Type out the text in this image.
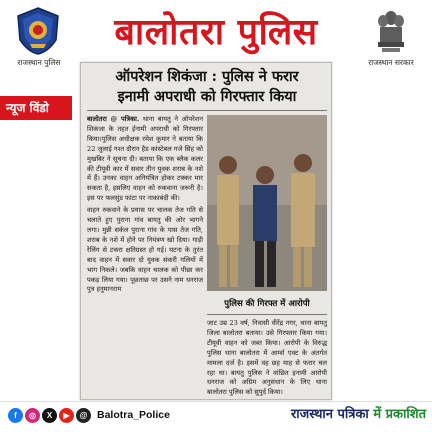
राजस्थान पुलिस
बालोतरा पुलिस
राजस्थान सरकार
न्यूज विंडो
ऑपरेशन शिकंजा : पुलिस ने फरार
इनामी अपराधी को गिरफ्तार किया
बालोतरा @ पत्रिका. थाना बायतु ने ऑपरेशन शिकंजा के तहत ईनामी अपराधी को गिरफ्तार किया।पुलिस अधीक्षक रमेश कुमार ने बताया कि 22 जुलाई गश्त दौरान हैड कांस्टेबल गजे सिंह को मुखबिर ने सूचना दी। बताया कि एक ब्लैक कलर की टीयूवी कार में सवार तीन युवक शराब के नशे में हैं। उनका वाहन अनियंत्रित होकर टक्कर मार सकता है, इसलिए वाहन को रुकवाना जरूरी है। इस पर फलसुंड फांटा पर नाकाबंदी की।
वाहन रुकवाने के प्रयास पर चालक तेज गति से चलाते हुए पुराना गांव बायतु की ओर भागने लगा। मुन्नी सर्कल पुराना गांव के पास तेज गति, शराब के नशे में होने पर नियंत्रण खो दिया। गाड़ी रेलिंग से टकरा क्षतिग्रस्त हो गई। घटना के तुरंत बाद वाहन में सवार दो युवक संकरी गलियों में भाग निकले। जबकि वाहन चालक को पीछा कर पकड़ लिया गया। पूछताछ पर उसने नाम धनराज पुत्र हनुमानराम
पुलिस की गिरफ्त में आरोपी
जाट उम्र 23 वर्ष, निवासी वीरेंद्र नगर, थाना बायतु जिला बालोतरा बताया। उसे गिरफ्तार किया गया। टीयूवी वाहन को जब्त किया। आरोपी के विरुद्ध पुलिस थाना बालोतरा में आर्म्स एक्ट के अंतर्गत मामला दर्ज है। इसमें वह छह माह से फरार चल रहा था। बायतु पुलिस ने वांछित इनामी आरोपी धनराज को अग्रिम अनुसंधान के लिए थाना बालोतरा पुलिस को सुपुर्द किया।
f	◎	X	▶	@ Balotra_Police	राजस्थान पत्रिका में प्रकाशित
